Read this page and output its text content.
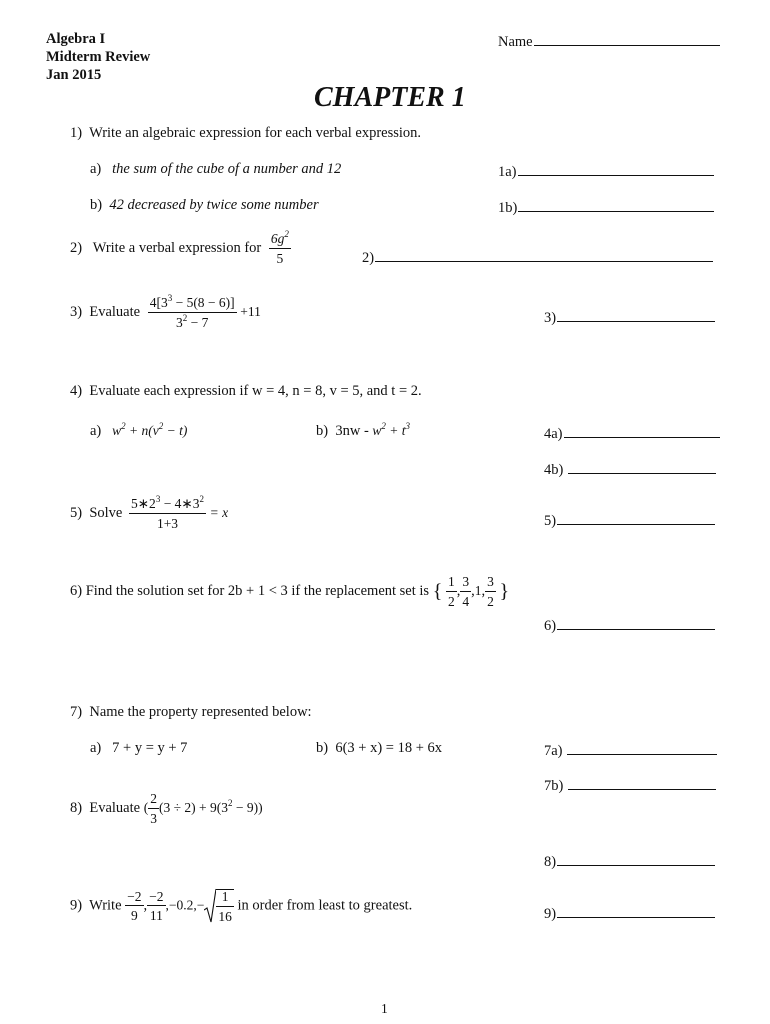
Algebra I
Midterm Review
Jan 2015
Name
CHAPTER 1
1) Write an algebraic expression for each verbal expression.
a) the sum of the cube of a number and 12	1a)
b) 42 decreased by twice some number	1b)
2) Write a verbal expression for $\frac{6g^2}{5}$	2)
3) Evaluate $\frac{4[3^3 - 5(8 - 6)]}{3^2 - 7} +11$	3)
4) Evaluate each expression if w = 4, n = 8, v = 5, and t = 2.
a) $w^2 + n(v^2 - t)$	b) $3nw - w^2 + t^3$	4a)
4b)
5) Solve $\frac{5∗2^3 - 4∗3^2}{1+3} = x$
5)
6) Find the solution set for 2b + 1 < 3 if the replacement set is { $\frac{1}{2}$ , $\frac{3}{4} ,1$, $\frac{3}{2}$ }
6)
7) Name the property represented below:
a) 7 + y = y + 7	b) 6(3 + x) = 18 + 6x	7a)
7b)
8) Evaluate ( $\frac{2}{3} (3 \div 2) + 9(3^2 - 9)$)
8)
9) Write $\frac{-2}{9}$ , $\frac{-2}{11} ,-0.2,- \frac{1}{16}$ in order from least to greatest.
9)
1
